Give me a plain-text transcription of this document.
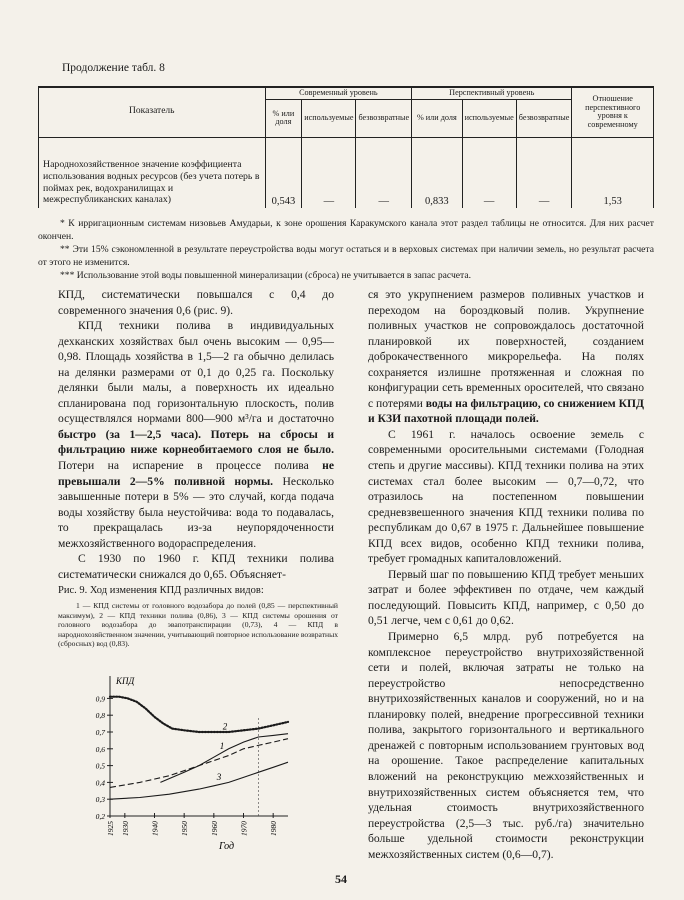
Продолжение табл. 8
Показатель	Современный уровень			Перспективный уровень			Отношение перспективного уровня к современному
	% или доля	используемые	безвозвратные	% или доля	используемые	безвозвратные	
Народнохозяйственное значение коэффициента использования водных ресурсов (без учета потерь в поймах рек, водохранилищах и межреспубликанских каналах)	0,543	—	—	0,833	—	—	1,53

* К ирригационным системам низовьев Амударьи, к зоне орошения Каракумского канала этот раздел таблицы не относится. Для них расчет окончен.

** Эти 15% сэкономленной в результате переустройства воды могут остаться и в верховых системах при наличии земель, но результат расчета от этого не изменится.

*** Использование этой воды повышенной минерализации (сброса) не учитывается в запас расчета.

КПД, систематически повышался с 0,4 до современного значения 0,6 (рис. 9).

КПД техники полива в индивидуальных дехканских хозяйствах был очень высоким — 0,95—0,98. Площадь хозяйства в 1,5—2 га обычно делилась на делянки размерами от 0,1 до 0,25 га. Поскольку делянки были малы, а поверхность их идеально спланирована под горизонтальную плоскость, полив осуществлялся нормами 800—900 м³/га и достаточно быстро (за 1—2,5 часа). Потерь на сбросы и фильтрацию ниже корнеобитаемого слоя не было. Потери на испарение в процессе полива не превышали 2—5% поливной нормы. Несколько завышенные потери в 5% — это случай, когда подача воды хозяйству была неустойчива: вода то подавалась, то прекращалась из-за неупорядоченности межхозяйственного водораспределения.

С 1930 по 1960 г. КПД техники полива систематически снижался до 0,65. Объясняет-

Рис. 9. Ход изменения КПД различных видов:

1 — КПД системы от головного водозабора до полей (0,85 — перспективный максимум), 2 — КПД техники полива (0,86), 3 — КПД системы орошения от головного водозабора до эвапотранспирации (0,73), 4 — КПД в народнохозяйственном значении, учитывающий повторное использование возвратных (сбросных) вод (0,83).

0,9
0,8
0,7
0,6
0,5
0,4
0,3
0,2
1925 1930	1940	1950	1960	1970	1980
КПД
Год
2
1
3

ся это укрупнением размеров поливных участков и переходом на бороздковый полив. Укрупнение поливных участков не сопровождалось достаточной планировкой их поверхностей, созданием доброкачественного микрорельефа. На полях сохраняется излишне протяженная и сложная по конфигурации сеть временных оросителей, что связано с потерями воды на фильтрацию, со снижением КПД и КЗИ пахотной площади полей.

С 1961 г. началось освоение земель с современными оросительными системами (Голодная степь и другие массивы). КПД техники полива на этих системах стал более высоким — 0,7—0,72, что отразилось на постепенном повышении средневзвешенного значения КПД техники полива по республикам до 0,67 в 1975 г. Дальнейшее повышение КПД всех видов, особенно КПД техники полива, требует громадных капиталовложений.

Первый шаг по повышению КПД требует меньших затрат и более эффективен по отдаче, чем каждый последующий. Повысить КПД, например, с 0,50 до 0,51 легче, чем с 0,61 до 0,62.

Примерно 6,5 млрд. руб потребуется на комплексное переустройство внутрихозяйственной сети и полей, включая затраты не только на переустройство непосредственно внутрихозяйственных каналов и сооружений, но и на планировку полей, внедрение прогрессивной техники полива, закрытого горизонтального и вертикального дренажей с повторным использованием грунтовых вод на орошение. Такое распределение капитальных вложений на реконструкцию межхозяйственных и внутрихозяйственных систем объясняется тем, что удельная стоимость внутрихозяйственного переустройства (2,5—3 тыс. руб./га) значительно больше удельной стоимости реконструкции межхозяйственных систем (0,6—0,7).

54
